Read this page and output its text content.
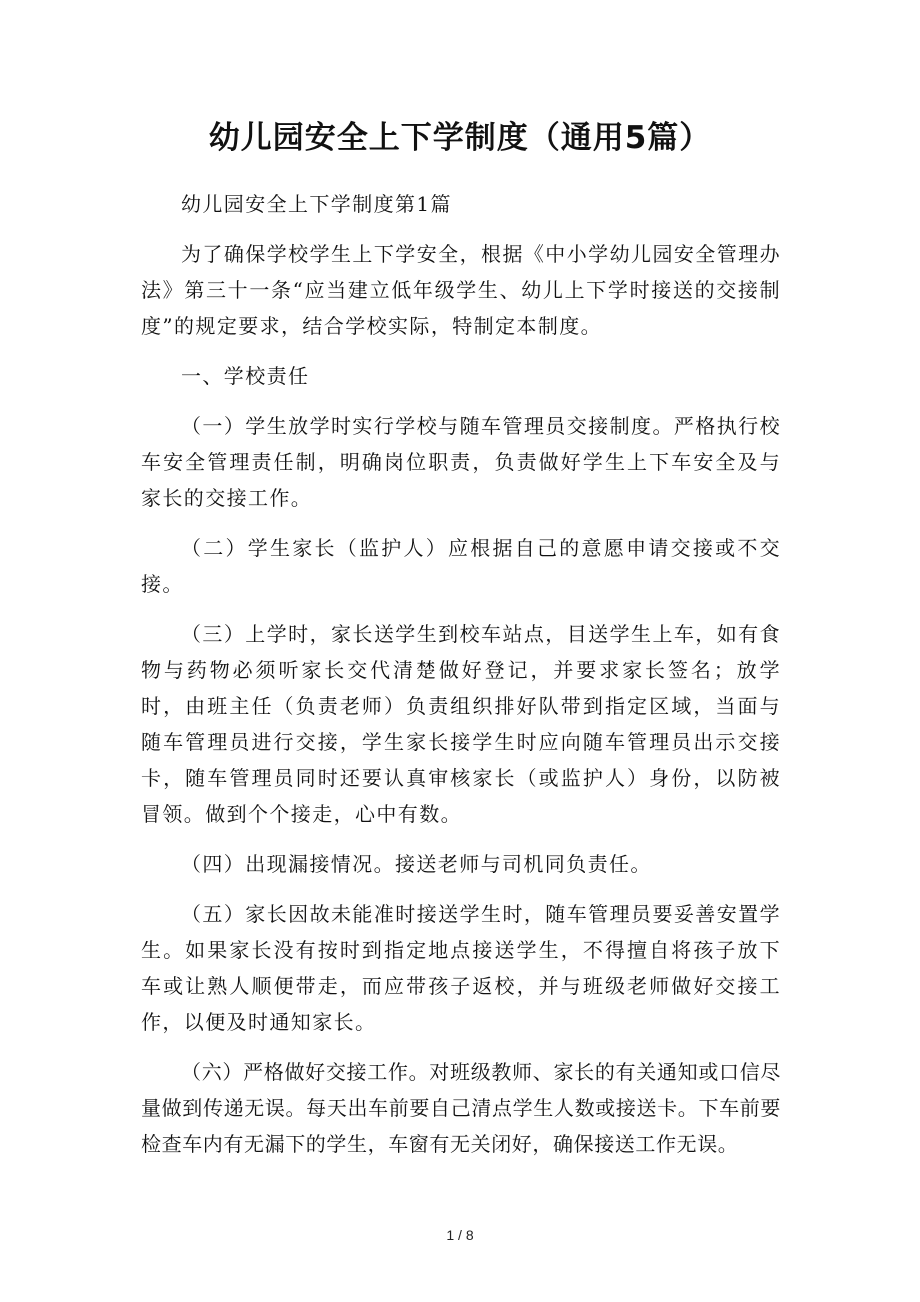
幼儿园安全上下学制度（通用5篇）

幼儿园安全上下学制度第1篇

为了确保学校学生上下学安全，根据《中小学幼儿园安全管理办法》第三十一条“应当建立低年级学生、幼儿上下学时接送的交接制度”的规定要求，结合学校实际，特制定本制度。

一、学校责任

（一）学生放学时实行学校与随车管理员交接制度。严格执行校车安全管理责任制，明确岗位职责，负责做好学生上下车安全及与家长的交接工作。

（二）学生家长（监护人）应根据自己的意愿申请交接或不交接。

（三）上学时，家长送学生到校车站点，目送学生上车，如有食物与药物必须听家长交代清楚做好登记，并要求家长签名；放学时，由班主任（负责老师）负责组织排好队带到指定区域，当面与随车管理员进行交接，学生家长接学生时应向随车管理员出示交接卡，随车管理员同时还要认真审核家长（或监护人）身份，以防被冒领。做到个个接走，心中有数。

（四）出现漏接情况。接送老师与司机同负责任。

（五）家长因故未能准时接送学生时，随车管理员要妥善安置学生。如果家长没有按时到指定地点接送学生，不得擅自将孩子放下车或让熟人顺便带走，而应带孩子返校，并与班级老师做好交接工作，以便及时通知家长。

（六）严格做好交接工作。对班级教师、家长的有关通知或口信尽量做到传递无误。每天出车前要自己清点学生人数或接送卡。下车前要检查车内有无漏下的学生，车窗有无关闭好，确保接送工作无误。

1 / 8
